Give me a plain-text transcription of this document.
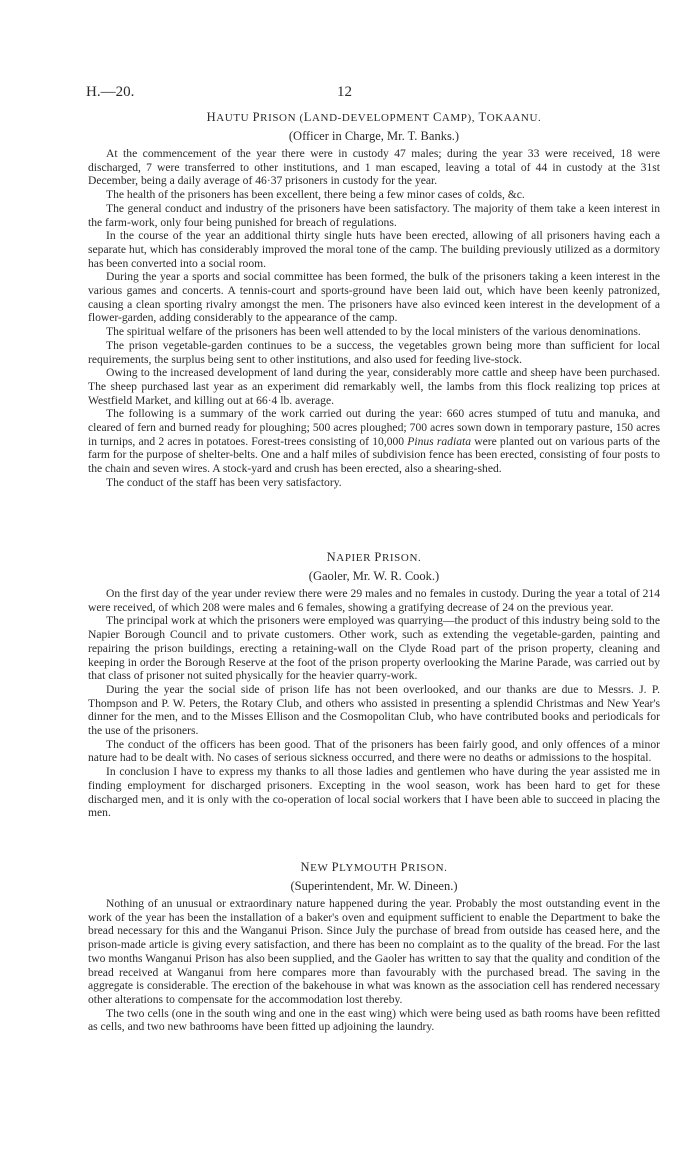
H.—20.	12
HAUTU PRISON (LAND-DEVELOPMENT CAMP), TOKAANU.
(Officer in Charge, Mr. T. Banks.)

At the commencement of the year there were in custody 47 males; during the year 33 were received, 18 were discharged, 7 were transferred to other institutions, and 1 man escaped, leaving a total of 44 in custody at the 31st December, being a daily average of 46·37 prisoners in custody for the year.

The health of the prisoners has been excellent, there being a few minor cases of colds, &c.

The general conduct and industry of the prisoners have been satisfactory. The majority of them take a keen interest in the farm-work, only four being punished for breach of regulations.

In the course of the year an additional thirty single huts have been erected, allowing of all prisoners having each a separate hut, which has considerably improved the moral tone of the camp. The building previously utilized as a dormitory has been converted into a social room.

During the year a sports and social committee has been formed, the bulk of the prisoners taking a keen interest in the various games and concerts. A tennis-court and sports-ground have been laid out, which have been keenly patronized, causing a clean sporting rivalry amongst the men. The prisoners have also evinced keen interest in the development of a flower-garden, adding considerably to the appearance of the camp.

The spiritual welfare of the prisoners has been well attended to by the local ministers of the various denominations.

The prison vegetable-garden continues to be a success, the vegetables grown being more than sufficient for local requirements, the surplus being sent to other institutions, and also used for feeding live-stock.

Owing to the increased development of land during the year, considerably more cattle and sheep have been purchased. The sheep purchased last year as an experiment did remarkably well, the lambs from this flock realizing top prices at Westfield Market, and killing out at 66·4 lb. average.

The following is a summary of the work carried out during the year: 660 acres stumped of tutu and manuka, and cleared of fern and burned ready for ploughing; 500 acres ploughed; 700 acres sown down in temporary pasture, 150 acres in turnips, and 2 acres in potatoes. Forest-trees consisting of 10,000 Pinus radiata were planted out on various parts of the farm for the purpose of shelter-belts. One and a half miles of subdivision fence has been erected, consisting of four posts to the chain and seven wires. A stock-yard and crush has been erected, also a shearing-shed.

The conduct of the staff has been very satisfactory.

NAPIER PRISON.
(Gaoler, Mr. W. R. Cook.)

On the first day of the year under review there were 29 males and no females in custody. During the year a total of 214 were received, of which 208 were males and 6 females, showing a gratifying decrease of 24 on the previous year.

The principal work at which the prisoners were employed was quarrying—the product of this industry being sold to the Napier Borough Council and to private customers. Other work, such as extending the vegetable-garden, painting and repairing the prison buildings, erecting a retaining-wall on the Clyde Road part of the prison property, cleaning and keeping in order the Borough Reserve at the foot of the prison property overlooking the Marine Parade, was carried out by that class of prisoner not suited physically for the heavier quarry-work.

During the year the social side of prison life has not been overlooked, and our thanks are due to Messrs. J. P. Thompson and P. W. Peters, the Rotary Club, and others who assisted in presenting a splendid Christmas and New Year's dinner for the men, and to the Misses Ellison and the Cosmopolitan Club, who have contributed books and periodicals for the use of the prisoners.

The conduct of the officers has been good. That of the prisoners has been fairly good, and only offences of a minor nature had to be dealt with. No cases of serious sickness occurred, and there were no deaths or admissions to the hospital.

In conclusion I have to express my thanks to all those ladies and gentlemen who have during the year assisted me in finding employment for discharged prisoners. Excepting in the wool season, work has been hard to get for these discharged men, and it is only with the co-operation of local social workers that I have been able to succeed in placing the men.

NEW PLYMOUTH PRISON.
(Superintendent, Mr. W. Dineen.)

Nothing of an unusual or extraordinary nature happened during the year. Probably the most outstanding event in the work of the year has been the installation of a baker's oven and equipment sufficient to enable the Department to bake the bread necessary for this and the Wanganui Prison. Since July the purchase of bread from outside has ceased here, and the prison-made article is giving every satisfaction, and there has been no complaint as to the quality of the bread. For the last two months Wanganui Prison has also been supplied, and the Gaoler has written to say that the quality and condition of the bread received at Wanganui from here compares more than favourably with the purchased bread. The saving in the aggregate is considerable. The erection of the bakehouse in what was known as the association cell has rendered necessary other alterations to compensate for the accommodation lost thereby.

The two cells (one in the south wing and one in the east wing) which were being used as bath rooms have been refitted as cells, and two new bathrooms have been fitted up adjoining the laundry.
